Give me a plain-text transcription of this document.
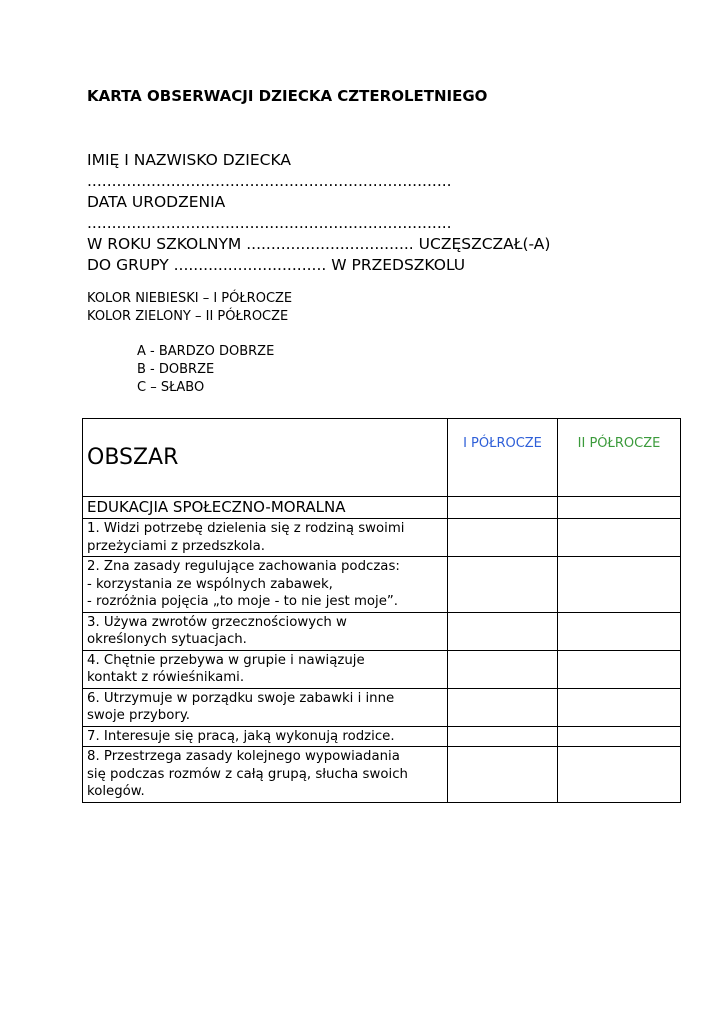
KARTA OBSERWACJI DZIECKA CZTEROLETNIEGO
IMIĘ I NAZWISKO DZIECKA
..........................................................................
DATA URODZENIA
..........................................................................
W ROKU SZKOLNYM .................................. UCZĘSZCZAŁ(-A)
DO GRUPY ............................... W PRZEDSZKOLU
KOLOR NIEBIESKI – I PÓŁROCZE
KOLOR ZIELONY – II PÓŁROCZE
A - BARDZO DOBRZE
B - DOBRZE
C – SŁABO
OBSZAR	I PÓŁROCZE	II PÓŁROCZE
EDUKACJIA SPOŁECZNO-MORALNA		

1. Widzi potrzebę dzielenia się z rodziną swoimi
przeżyciami z przedszkola.		

2. Zna zasady regulujące zachowania podczas:
- korzystania ze wspólnych zabawek,
- rozróżnia pojęcia „to moje - to nie jest moje”.		

3. Używa zwrotów grzecznościowych w
określonych sytuacjach.		

4. Chętnie przebywa w grupie i nawiązuje
kontakt z rówieśnikami.		

6. Utrzymuje w porządku swoje zabawki i inne
swoje przybory.		

7. Interesuje się pracą, jaką wykonują rodzice.		

8. Przestrzega zasady kolejnego wypowiadania
się podczas rozmów z całą grupą, słucha swoich
kolegów.		
